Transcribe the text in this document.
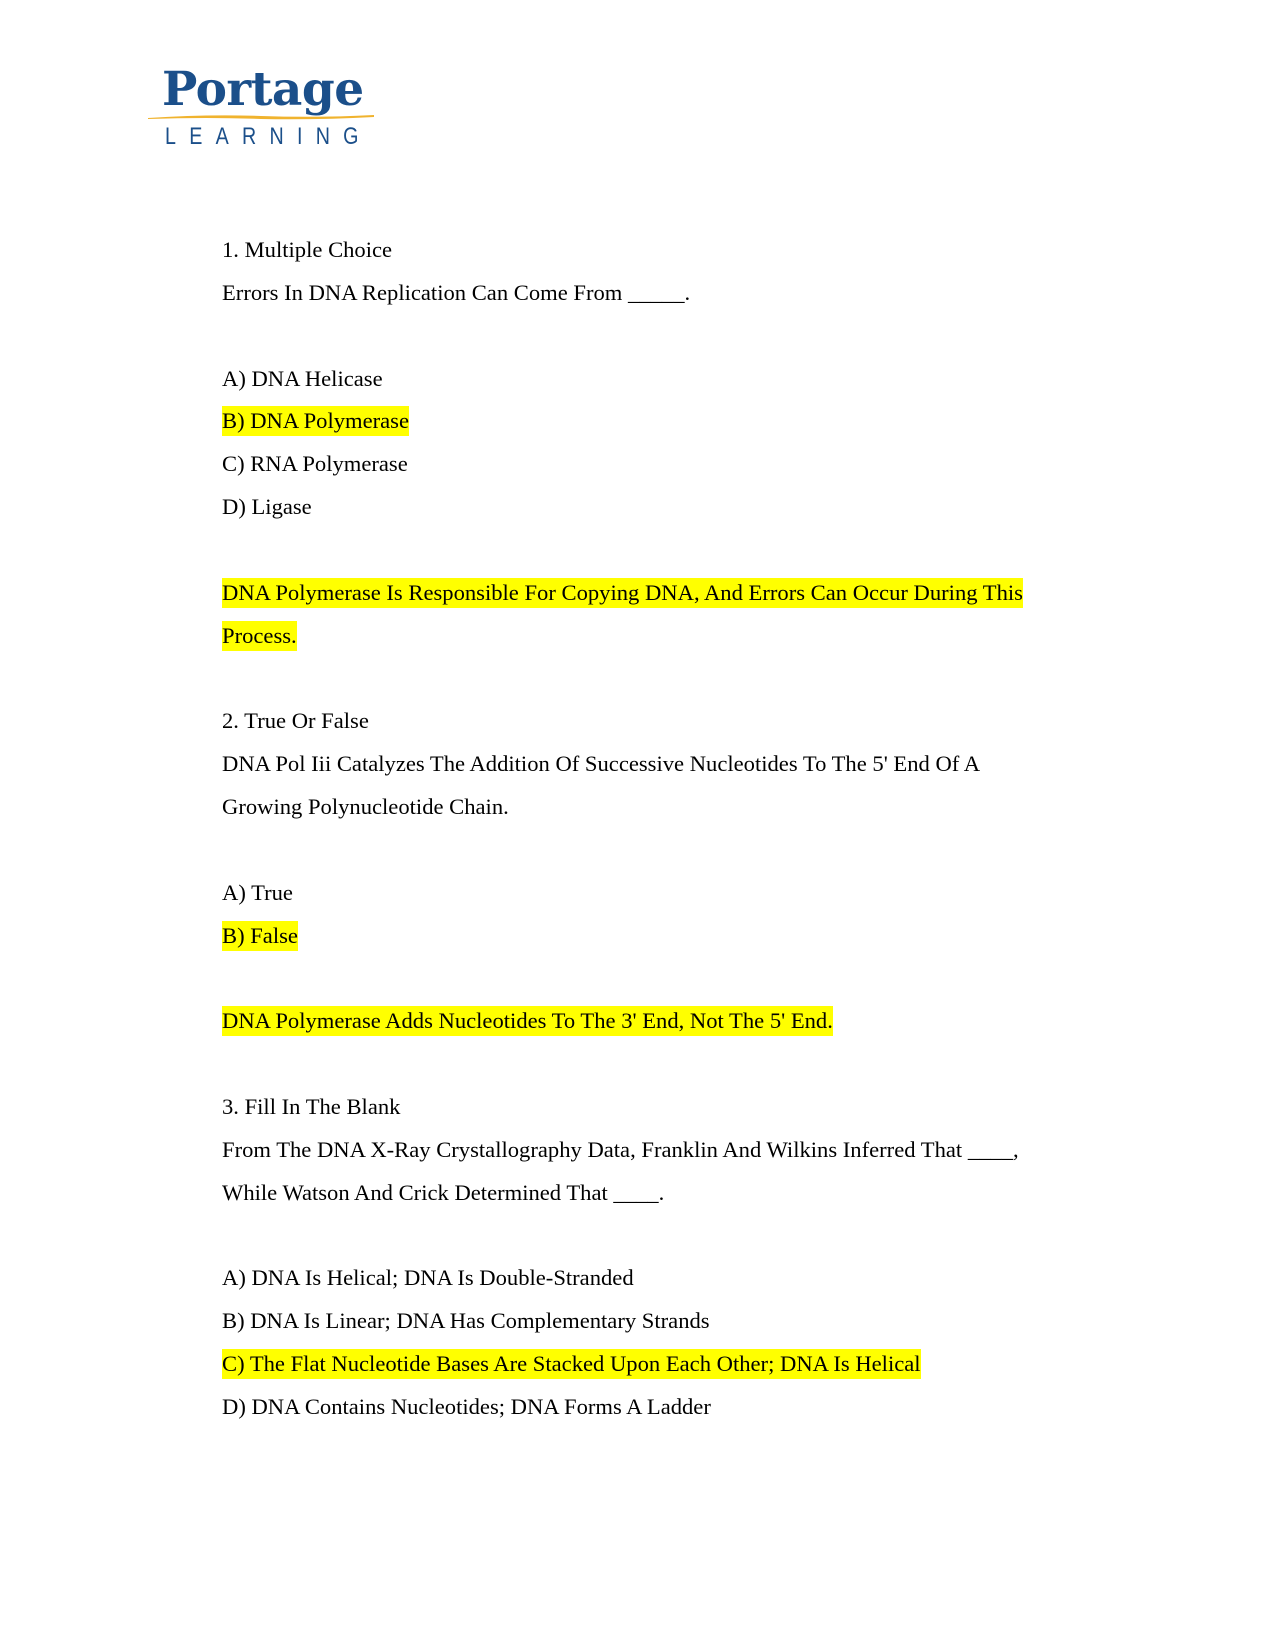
Portage
L E A R N I N G
1. Multiple Choice
Errors In DNA Replication Can Come From _____.
A) DNA Helicase
B) DNA Polymerase
C) RNA Polymerase
D) Ligase
DNA Polymerase Is Responsible For Copying DNA, And Errors Can Occur During This
Process.
2. True Or False
DNA Pol Iii Catalyzes The Addition Of Successive Nucleotides To The 5' End Of A
Growing Polynucleotide Chain.
A) True
B) False
DNA Polymerase Adds Nucleotides To The 3' End, Not The 5' End.
3. Fill In The Blank
From The DNA X-Ray Crystallography Data, Franklin And Wilkins Inferred That ____,
While Watson And Crick Determined That ____.
A) DNA Is Helical; DNA Is Double-Stranded
B) DNA Is Linear; DNA Has Complementary Strands
C) The Flat Nucleotide Bases Are Stacked Upon Each Other; DNA Is Helical
D) DNA Contains Nucleotides; DNA Forms A Ladder
